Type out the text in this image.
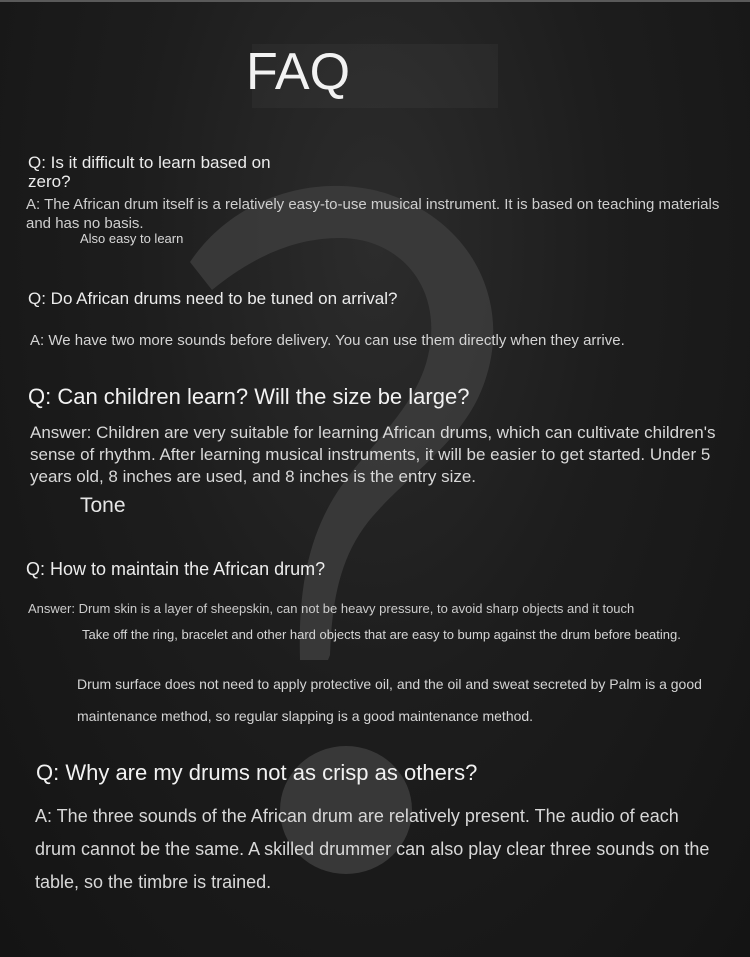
FAQ

Q: Is it difficult to learn based on zero?

A: The African drum itself is a relatively easy-to-use musical instrument. It is based on teaching materials and has no basis.

Also easy to learn

Q: Do African drums need to be tuned on arrival?

A: We have two more sounds before delivery. You can use them directly when they arrive.

Q: Can children learn? Will the size be large?

Answer: Children are very suitable for learning African drums, which can cultivate children's sense of rhythm. After learning musical instruments, it will be easier to get started. Under 5 years old, 8 inches are used, and 8 inches is the entry size.

Tone

Q: How to maintain the African drum?

Answer: Drum skin is a layer of sheepskin, can not be heavy pressure, to avoid sharp objects and it touch

Take off the ring, bracelet and other hard objects that are easy to bump against the drum before beating.

Drum surface does not need to apply protective oil, and the oil and sweat secreted by Palm is a good maintenance method, so regular slapping is a good maintenance method.

Q: Why are my drums not as crisp as others?

A: The three sounds of the African drum are relatively present. The audio of each drum cannot be the same. A skilled drummer can also play clear three sounds on the table, so the timbre is trained.
